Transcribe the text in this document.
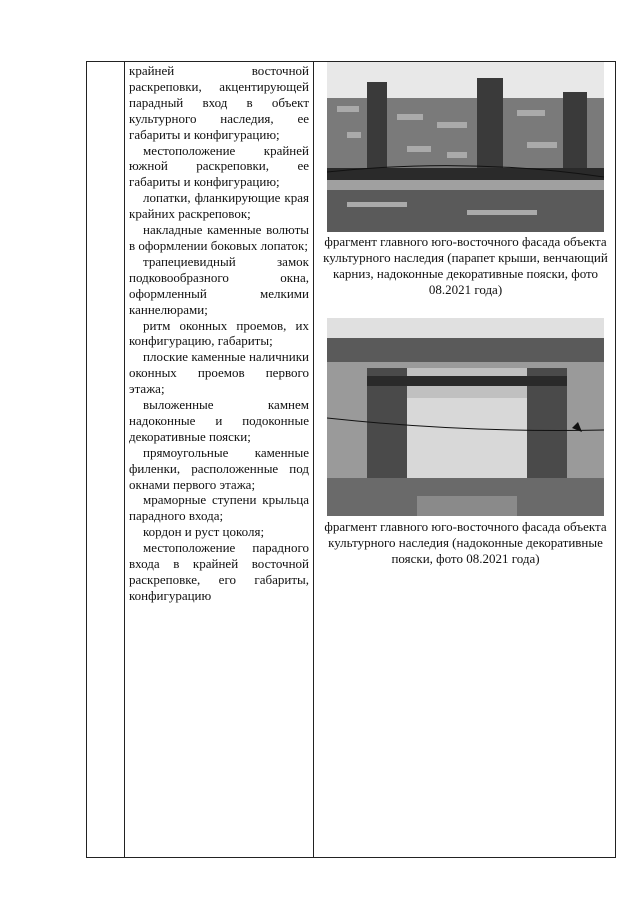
крайней восточной раскреповки, акцентирующей парадный вход в объект культурного наследия, ее габариты и конфигурацию;

местоположение крайней южной раскреповки, ее габариты и конфигурацию;

лопатки, фланкирующие края крайних раскреповок;

накладные каменные волюты в оформлении боковых лопаток;

трапециевидный замок подковообразного окна, оформленный мелкими каннелюрами;

ритм оконных проемов, их конфигурацию, габариты;

плоские каменные наличники оконных проемов первого этажа;

выложенные камнем надоконные и подоконные декоративные пояски;

прямоугольные каменные филенки, расположенные под окнами первого этажа;

мраморные ступени крыльца парадного входа;

кордон и руст цоколя;

местоположение парадного входа в крайней восточной раскреповке, его габариты, конфигурацию

фрагмент главного юго-восточного фасада объекта культурного наследия (парапет крыши, венчающий карниз, надоконные декоративные пояски, фото 08.2021 года)
фрагмент главного юго-восточного фасада объекта культурного наследия (надоконные декоративные пояски, фото 08.2021 года)
